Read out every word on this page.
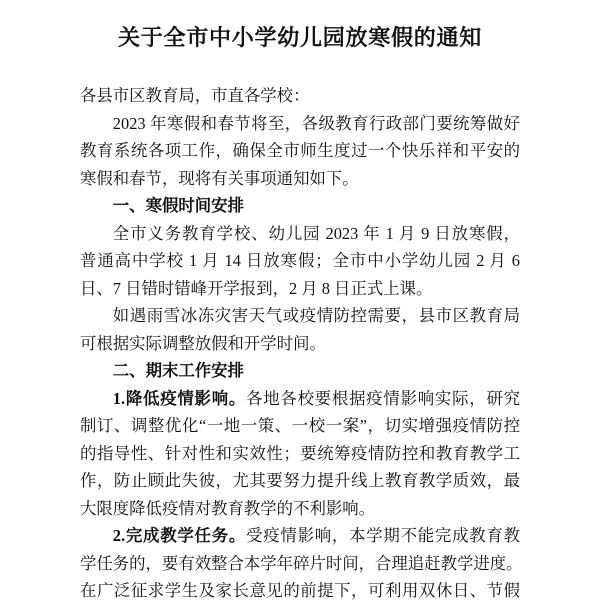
关于全市中小学幼儿园放寒假的通知
各县市区教育局，市直各学校：
2023 年寒假和春节将至，各级教育行政部门要统筹做好
教育系统各项工作，确保全市师生度过一个快乐祥和平安的
寒假和春节，现将有关事项通知如下。
一、寒假时间安排
全市义务教育学校、幼儿园 2023 年 1 月 9 日放寒假，
普通高中学校 1 月 14 日放寒假；全市中小学幼儿园 2 月 6
日、7 日错时错峰开学报到，2 月 8 日正式上课。
如遇雨雪冰冻灾害天气或疫情防控需要，县市区教育局
可根据实际调整放假和开学时间。
二、期末工作安排
1.降低疫情影响。各地各校要根据疫情影响实际，研究
制订、调整优化“一地一策、一校一案”，切实增强疫情防控
的指导性、针对性和实效性；要统筹疫情防控和教育教学工
作，防止顾此失彼，尤其要努力提升线上教育教学质效，最
大限度降低疫情对教育教学的不利影响。
2.完成教学任务。受疫情影响，本学期不能完成教育教
学任务的，要有效整合本学年碎片时间，合理追赶教学进度。
在广泛征求学生及家长意见的前提下，可利用双休日、节假
